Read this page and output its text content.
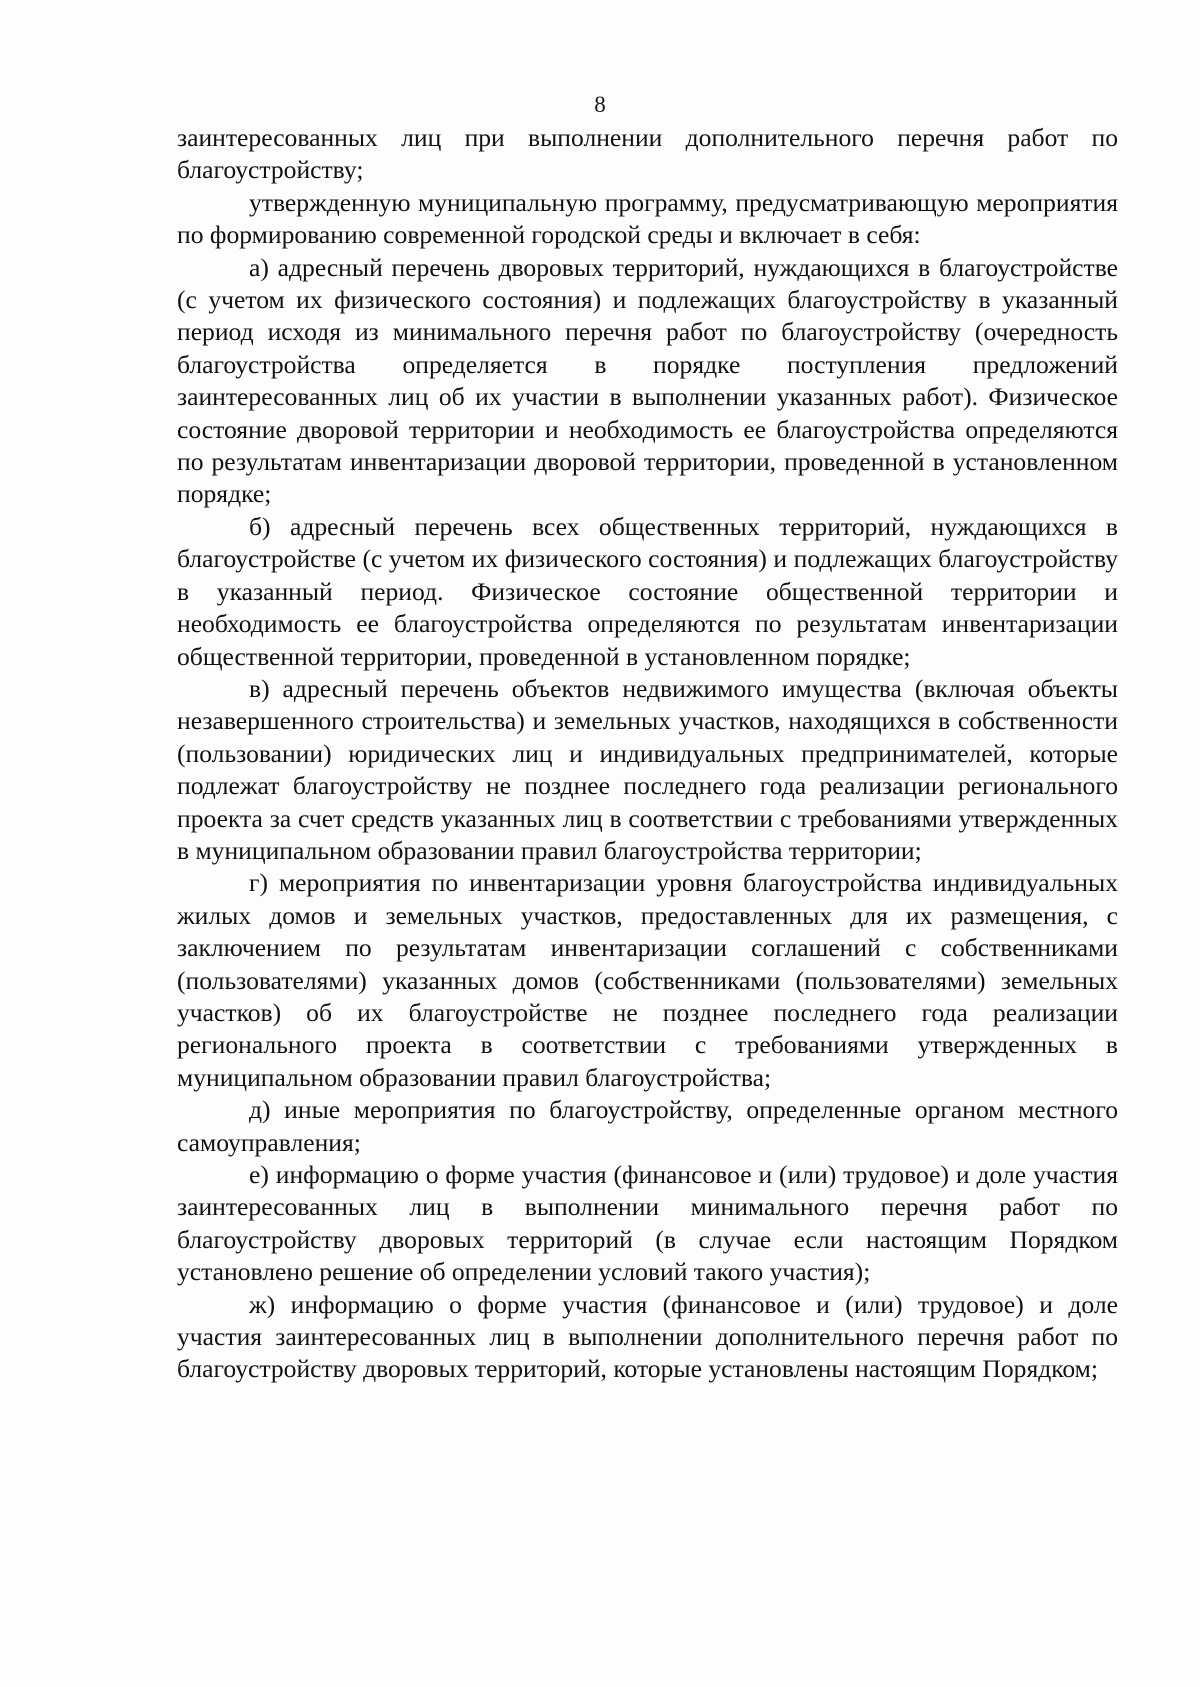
8

заинтересованных лиц при выполнении дополнительного перечня работ по благоустройству;

утвержденную муниципальную программу, предусматривающую мероприятия по формированию современной городской среды и включает в себя:

а) адресный перечень дворовых территорий, нуждающихся в благоустройстве (с учетом их физического состояния) и подлежащих благоустройству в указанный период исходя из минимального перечня работ по благоустройству (очередность благоустройства определяется в порядке поступления предложений заинтересованных лиц об их участии в выполнении указанных работ). Физическое состояние дворовой территории и необходимость ее благоустройства определяются по результатам инвентаризации дворовой территории, проведенной в установленном порядке;

б) адресный перечень всех общественных территорий, нуждающихся в благоустройстве (с учетом их физического состояния) и подлежащих благоустройству в указанный период. Физическое состояние общественной территории и необходимость ее благоустройства определяются по результатам инвентаризации общественной территории, проведенной в установленном порядке;

в) адресный перечень объектов недвижимого имущества (включая объекты незавершенного строительства) и земельных участков, находящихся в собственности (пользовании) юридических лиц и индивидуальных предпринимателей, которые подлежат благоустройству не позднее последнего года реализации регионального проекта за счет средств указанных лиц в соответствии с требованиями утвержденных в муниципальном образовании правил благоустройства территории;

г) мероприятия по инвентаризации уровня благоустройства индивидуальных жилых домов и земельных участков, предоставленных для их размещения, с заключением по результатам инвентаризации соглашений с собственниками (пользователями) указанных домов (собственниками (пользователями) земельных участков) об их благоустройстве не позднее последнего года реализации регионального проекта в соответствии с требованиями утвержденных в муниципальном образовании правил благоустройства;

д) иные мероприятия по благоустройству, определенные органом местного самоуправления;

е) информацию о форме участия (финансовое и (или) трудовое) и доле участия заинтересованных лиц в выполнении минимального перечня работ по благоустройству дворовых территорий (в случае если настоящим Порядком установлено решение об определении условий такого участия);

ж) информацию о форме участия (финансовое и (или) трудовое) и доле участия заинтересованных лиц в выполнении дополнительного перечня работ по благоустройству дворовых территорий, которые установлены настоящим Порядком;
